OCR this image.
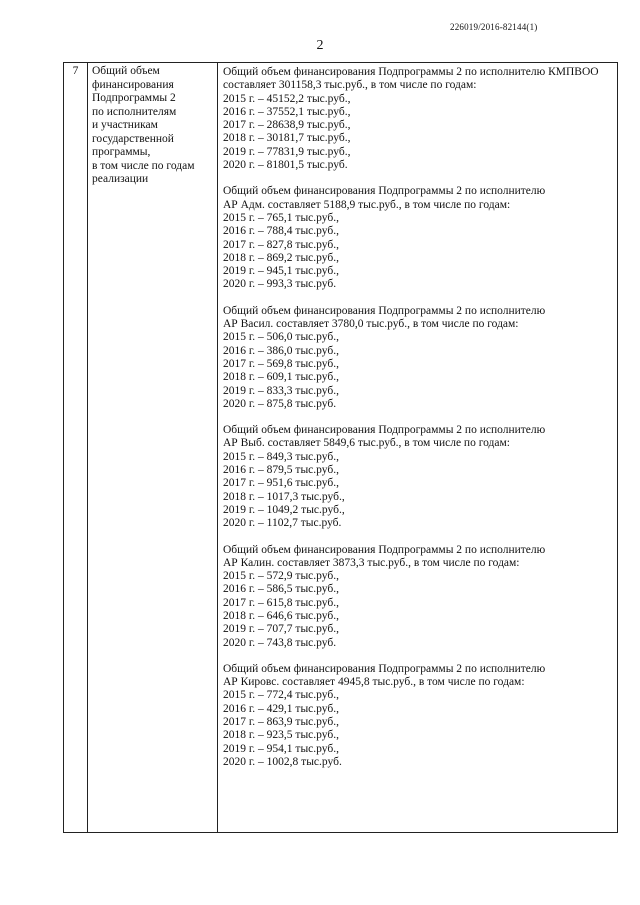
226019/2016-82144(1)
2
7	Общий объем
финансирования
Подпрограммы 2
по исполнителям
и участникам
государственной
программы,
в том числе по годам
реализации
Общий объем финансирования Подпрограммы 2 по исполнителю КМПВОО
составляет 301158,3 тыс.руб., в том числе по годам:
2015 г. – 45152,2 тыс.руб.,
2016 г. – 37552,1 тыс.руб.,
2017 г. – 28638,9 тыс.руб.,
2018 г. – 30181,7 тыс.руб.,
2019 г. – 77831,9 тыс.руб.,
2020 г. – 81801,5 тыс.руб.
Общий объем финансирования Подпрограммы 2 по исполнителю
АР Адм. составляет 5188,9 тыс.руб., в том числе по годам:
2015 г. – 765,1 тыс.руб.,
2016 г. – 788,4 тыс.руб.,
2017 г. – 827,8 тыс.руб.,
2018 г. – 869,2 тыс.руб.,
2019 г. – 945,1 тыс.руб.,
2020 г. – 993,3 тыс.руб.
Общий объем финансирования Подпрограммы 2 по исполнителю
АР Васил. составляет 3780,0 тыс.руб., в том числе по годам:
2015 г. – 506,0 тыс.руб.,
2016 г. – 386,0 тыс.руб.,
2017 г. – 569,8 тыс.руб.,
2018 г. – 609,1 тыс.руб.,
2019 г. – 833,3 тыс.руб.,
2020 г. – 875,8 тыс.руб.
Общий объем финансирования Подпрограммы 2 по исполнителю
АР Выб. составляет 5849,6 тыс.руб., в том числе по годам:
2015 г. – 849,3 тыс.руб.,
2016 г. – 879,5 тыс.руб.,
2017 г. – 951,6 тыс.руб.,
2018 г. – 1017,3 тыс.руб.,
2019 г. – 1049,2 тыс.руб.,
2020 г. – 1102,7 тыс.руб.
Общий объем финансирования Подпрограммы 2 по исполнителю
АР Калин. составляет 3873,3 тыс.руб., в том числе по годам:
2015 г. – 572,9 тыс.руб.,
2016 г. – 586,5 тыс.руб.,
2017 г. – 615,8 тыс.руб.,
2018 г. – 646,6 тыс.руб.,
2019 г. – 707,7 тыс.руб.,
2020 г. – 743,8 тыс.руб.
Общий объем финансирования Подпрограммы 2 по исполнителю
АР Кировс. составляет 4945,8 тыс.руб., в том числе по годам:
2015 г. – 772,4 тыс.руб.,
2016 г. – 429,1 тыс.руб.,
2017 г. – 863,9 тыс.руб.,
2018 г. – 923,5 тыс.руб.,
2019 г. – 954,1 тыс.руб.,
2020 г. – 1002,8 тыс.руб.
